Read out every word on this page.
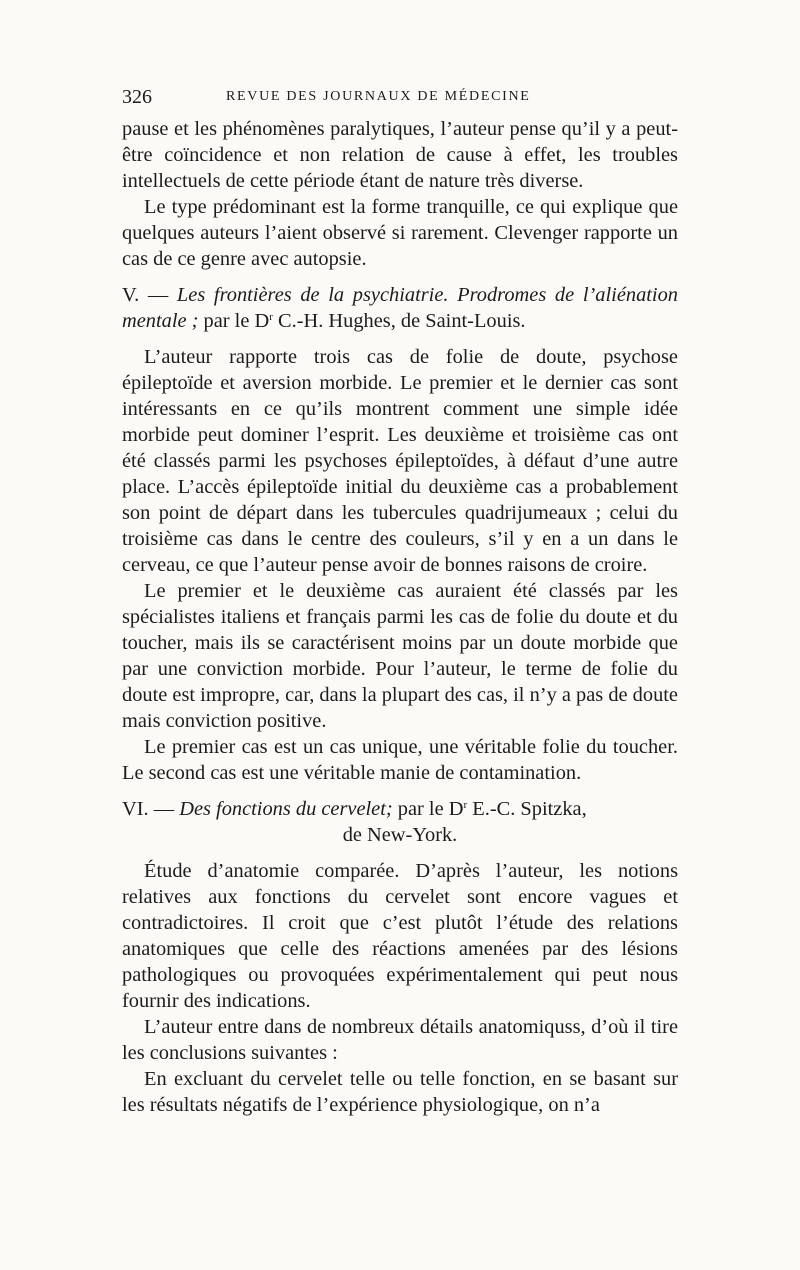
326	REVUE DES JOURNAUX DE MÉDECINE

pause et les phénomènes paralytiques, l’auteur pense qu’il y a peut-être coïncidence et non relation de cause à effet, les troubles intellectuels de cette période étant de nature très diverse.

Le type prédominant est la forme tranquille, ce qui explique que quelques auteurs l’aient observé si rarement. Clevenger rapporte un cas de ce genre avec autopsie.

V. — Les frontières de la psychiatrie. Prodromes de l’aliénation mentale ; par le $D^r$ C.-H. Hughes, de Saint-Louis.

L’auteur rapporte trois cas de folie de doute, psychose épileptoïde et aversion morbide. Le premier et le dernier cas sont intéressants en ce qu’ils montrent comment une simple idée morbide peut dominer l’esprit. Les deuxième et troisième cas ont été classés parmi les psychoses épileptoïdes, à défaut d’une autre place. L’accès épileptoïde initial du deuxième cas a probablement son point de départ dans les tubercules quadrijumeaux ; celui du troisième cas dans le centre des couleurs, s’il y en a un dans le cerveau, ce que l’auteur pense avoir de bonnes raisons de croire.

Le premier et le deuxième cas auraient été classés par les spécialistes italiens et français parmi les cas de folie du doute et du toucher, mais ils se caractérisent moins par un doute morbide que par une conviction morbide. Pour l’auteur, le terme de folie du doute est impropre, car, dans la plupart des cas, il n’y a pas de doute mais conviction positive.

Le premier cas est un cas unique, une véritable folie du toucher. Le second cas est une véritable manie de contamination.

VI. — Des fonctions du cervelet; par le $D^r$ E.-C. Spitzka,

de New-York.

Étude d’anatomie comparée. D’après l’auteur, les notions relatives aux fonctions du cervelet sont encore vagues et contradictoires. Il croit que c’est plutôt l’étude des relations anatomiques que celle des réactions amenées par des lésions pathologiques ou provoquées expérimentalement qui peut nous fournir des indications.

L’auteur entre dans de nombreux détails anatomiquss, d’où il tire les conclusions suivantes :

En excluant du cervelet telle ou telle fonction, en se basant sur les résultats négatifs de l’expérience physiologique, on n’a
